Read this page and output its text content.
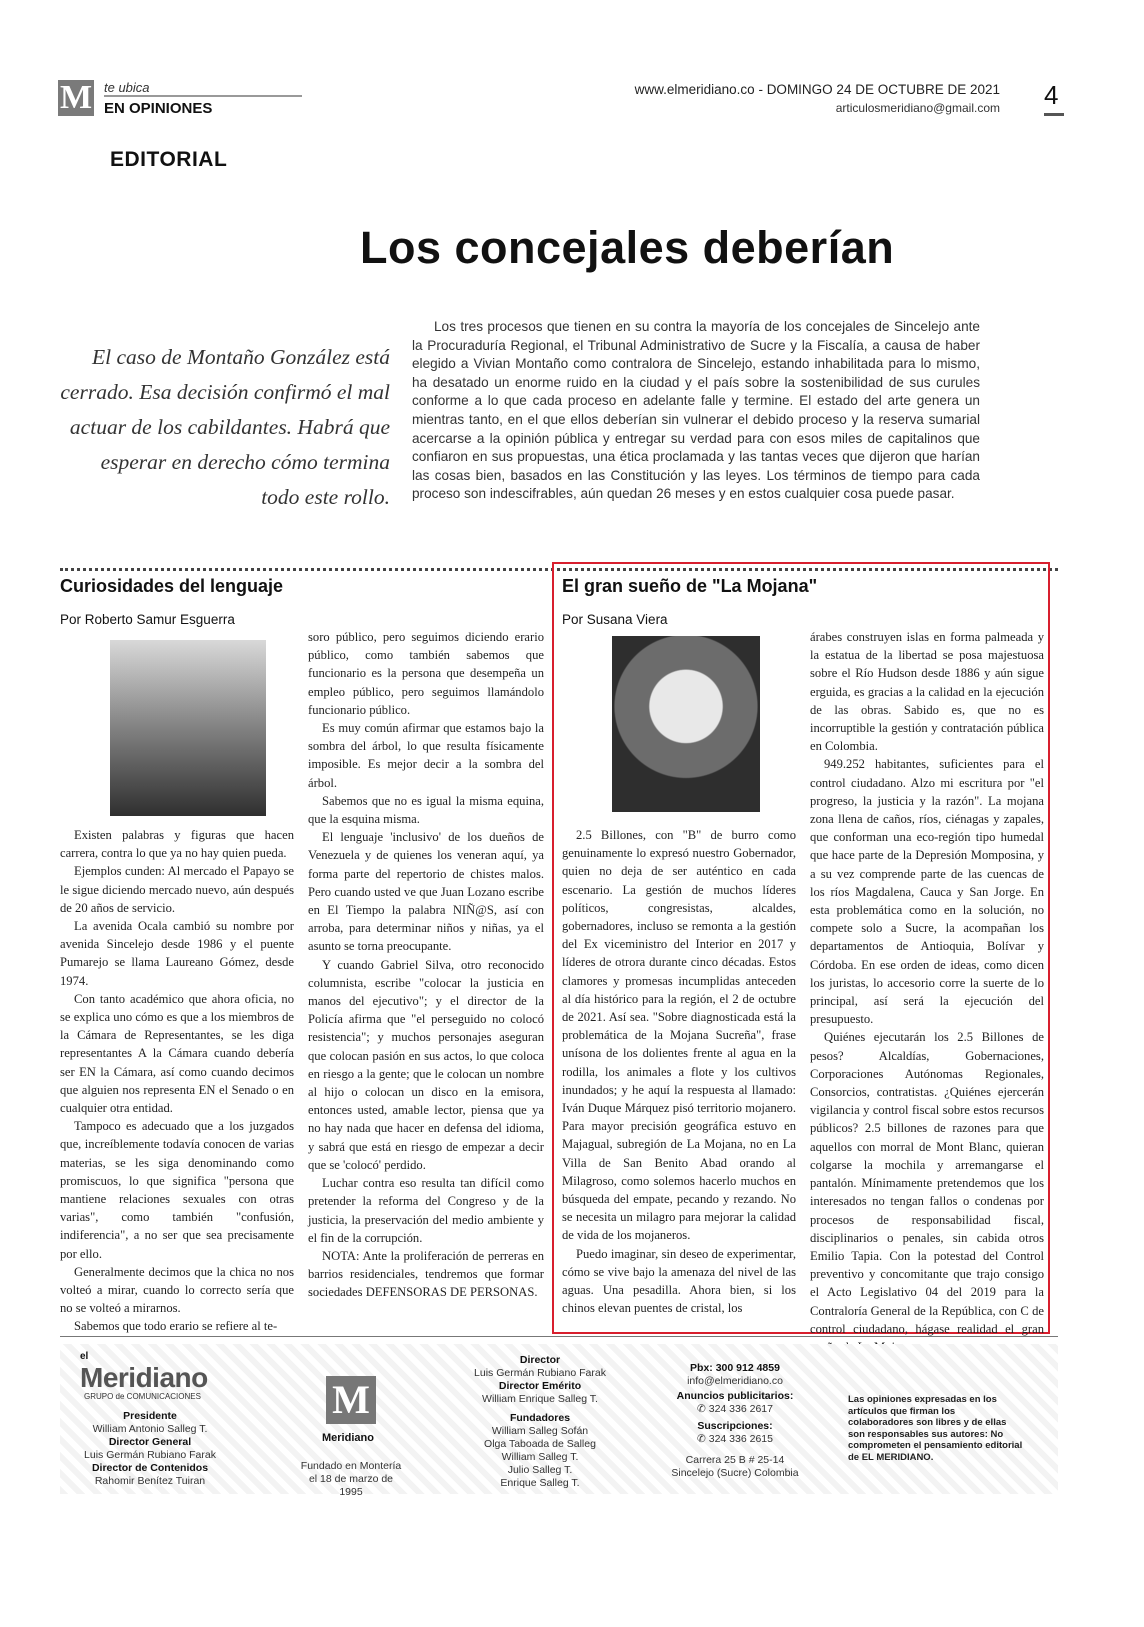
M te ubica
EN OPINIONES
EDITORIAL
www.elmeridiano.co - DOMINGO 24 DE OCTUBRE DE 2021
articulosmeridiano@gmail.com 4
Los concejales deberían
El caso de Montaño González está cerrado. Esa decisión confirmó el mal actuar de los cabildantes. Habrá que esperar en derecho cómo termina todo este rollo.
Los tres procesos que tienen en su contra la mayoría de los concejales de Sincelejo ante la Procuraduría Regional, el Tribunal Administrativo de Sucre y la Fiscalía, a causa de haber elegido a Vivian Montaño como contralora de Sincelejo, estando inhabilitada para lo mismo, ha desatado un enorme ruido en la ciudad y el país sobre la sostenibilidad de sus curules conforme a lo que cada proceso en adelante falle y termine. El estado del arte genera un mientras tanto, en el que ellos deberían sin vulnerar el debido proceso y la reserva sumarial acercarse a la opinión pública y entregar su verdad para con esos miles de capitalinos que confiaron en sus propuestas, una ética proclamada y las tantas veces que dijeron que harían las cosas bien, basados en las Constitución y las leyes. Los términos de tiempo para cada proceso son indescifrables, aún quedan 26 meses y en estos cualquier cosa puede pasar.
Curiosidades del lenguaje
Por Roberto Samur Esguerra

Existen palabras y figuras que hacen carrera, contra lo que ya no hay quien pueda.

Ejemplos cunden: Al mercado el Papayo se le sigue diciendo mercado nuevo, aún después de 20 años de servicio.

La avenida Ocala cambió su nombre por avenida Sincelejo desde 1986 y el puente Pumarejo se llama Laureano Gómez, desde 1974.

Con tanto académico que ahora oficia, no se explica uno cómo es que a los miembros de la Cámara de Representantes, se les diga representantes A la Cámara cuando debería ser EN la Cámara, así como cuando decimos que alguien nos representa EN el Senado o en cualquier otra entidad.

Tampoco es adecuado que a los juzgados que, increíblemente todavía conocen de varias materias, se les siga denominando como promiscuos, lo que significa "persona que mantiene relaciones sexuales con otras varias", como también "confusión, indiferencia", a no ser que sea precisamente por ello.

Generalmente decimos que la chica no nos volteó a mirar, cuando lo correcto sería que no se volteó a mirarnos.

Sabemos que todo erario se refiere al te-

soro público, pero seguimos diciendo erario público, como también sabemos que funcionario es la persona que desempeña un empleo público, pero seguimos llamándolo funcionario público.

Es muy común afirmar que estamos bajo la sombra del árbol, lo que resulta físicamente imposible. Es mejor decir a la sombra del árbol.

Sabemos que no es igual la misma equina, que la esquina misma.

El lenguaje 'inclusivo' de los dueños de Venezuela y de quienes los veneran aquí, ya forma parte del repertorio de chistes malos. Pero cuando usted ve que Juan Lozano escribe en El Tiempo la palabra NIÑ@S, así con arroba, para determinar niños y niñas, ya el asunto se torna preocupante.

Y cuando Gabriel Silva, otro reconocido columnista, escribe "colocar la justicia en manos del ejecutivo"; y el director de la Policía afirma que "el perseguido no colocó resistencia"; y muchos personajes aseguran que colocan pasión en sus actos, lo que coloca en riesgo a la gente; que le colocan un nombre al hijo o colocan un disco en la emisora, entonces usted, amable lector, piensa que ya no hay nada que hacer en defensa del idioma, y sabrá que está en riesgo de empezar a decir que se 'colocó' perdido.

Luchar contra eso resulta tan difícil como pretender la reforma del Congreso y de la justicia, la preservación del medio ambiente y el fin de la corrupción.

NOTA: Ante la proliferación de perreras en barrios residenciales, tendremos que formar sociedades DEFENSORAS DE PERSONAS.

El gran sueño de "La Mojana"
Por Susana Viera

2.5 Billones, con "B" de burro como genuinamente lo expresó nuestro Gobernador, quien no deja de ser auténtico en cada escenario. La gestión de muchos líderes políticos, congresistas, alcaldes, gobernadores, incluso se remonta a la gestión del Ex viceministro del Interior en 2017 y líderes de otrora durante cinco décadas. Estos clamores y promesas incumplidas anteceden al día histórico para la región, el 2 de octubre de 2021. Así sea. "Sobre diagnosticada está la problemática de la Mojana Sucreña", frase unísona de los dolientes frente al agua en la rodilla, los animales a flote y los cultivos inundados; y he aquí la respuesta al llamado: Iván Duque Márquez pisó territorio mojanero. Para mayor precisión geográfica estuvo en Majagual, subregión de La Mojana, no en La Villa de San Benito Abad orando al Milagroso, como solemos hacerlo muchos en búsqueda del empate, pecando y rezando. No se necesita un milagro para mejorar la calidad de vida de los mojaneros.

Puedo imaginar, sin deseo de experimentar, cómo se vive bajo la amenaza del nivel de las aguas. Una pesadilla. Ahora bien, si los chinos elevan puentes de cristal, los

árabes construyen islas en forma palmeada y la estatua de la libertad se posa majestuosa sobre el Río Hudson desde 1886 y aún sigue erguida, es gracias a la calidad en la ejecución de las obras. Sabido es, que no es incorruptible la gestión y contratación pública en Colombia.

949.252 habitantes, suficientes para el control ciudadano. Alzo mi escritura por "el progreso, la justicia y la razón". La mojana zona llena de caños, ríos, ciénagas y zapales, que conforman una eco-región tipo humedal que hace parte de la Depresión Momposina, y a su vez comprende parte de las cuencas de los ríos Magdalena, Cauca y San Jorge. En esta problemática como en la solución, no compete solo a Sucre, la acompañan los departamentos de Antioquia, Bolívar y Córdoba. En ese orden de ideas, como dicen los juristas, lo accesorio corre la suerte de lo principal, así será la ejecución del presupuesto.

Quiénes ejecutarán los 2.5 Billones de pesos? Alcaldías, Gobernaciones, Corporaciones Autónomas Regionales, Consorcios, contratistas. ¿Quiénes ejercerán vigilancia y control fiscal sobre estos recursos públicos? 2.5 billones de razones para que aquellos con morral de Mont Blanc, quieran colgarse la mochila y arremangarse el pantalón. Mínimamente pretendemos que los interesados no tengan fallos o condenas por procesos de responsabilidad fiscal, disciplinarios o penales, sin cabida otros Emilio Tapia. Con la potestad del Control preventivo y concomitante que trajo consigo el Acto Legislativo 04 del 2019 para la Contraloría General de la República, con C de control ciudadano, hágase realidad el gran

el
Meridiano
GRUPO de COMUNICACIONES
Presidente
William Antonio Salleg T.
Director General
Luis Germán Rubiano Farak
Director de Contenidos
Rahomir Benítez Tuiran
M
Meridiano
Fundado en Montería el 18 de marzo de 1995
Director
Luis Germán Rubiano Farak
Director Emérito
William Enrique Salleg T.
Fundadores
William Salleg Sofán
Olga Taboada de Salleg
William Salleg T.
Julio Salleg T.
Enrique Salleg T.
Pbx: 300 912 4859
info@elmeridiano.co
Anuncios publicitarios:
✆ 324 336 2617
Suscripciones:
✆ 324 336 2615
Carrera 25 B # 25-14
Sincelejo (Sucre) Colombia
Las opiniones expresadas en los artículos que firman los colaboradores son libres y de ellas son responsables sus autores: No comprometen el pensamiento editorial de EL MERIDIANO.
